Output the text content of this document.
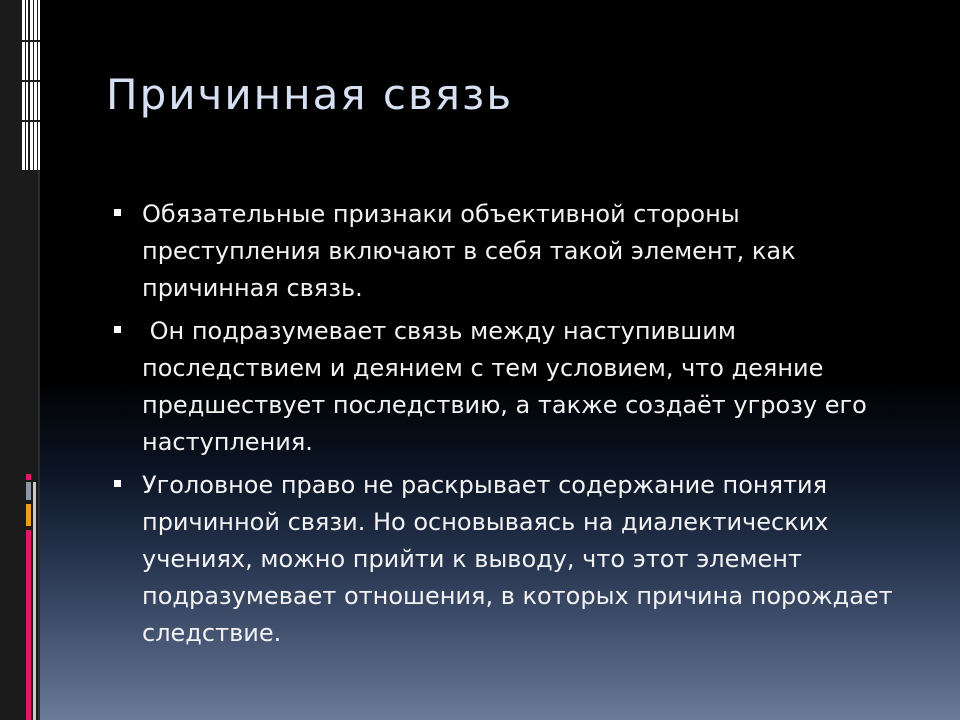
Причинная связь
Обязательные признаки объективной стороны преступления включают в себя такой элемент, как причинная связь.
Он подразумевает связь между наступившим последствием и деянием с тем условием, что деяние предшествует последствию, а также создаёт угрозу его наступления.
Уголовное право не раскрывает содержание понятия причинной связи. Но основываясь на диалектических учениях, можно прийти к выводу, что этот элемент подразумевает отношения, в которых причина порождает следствие.
